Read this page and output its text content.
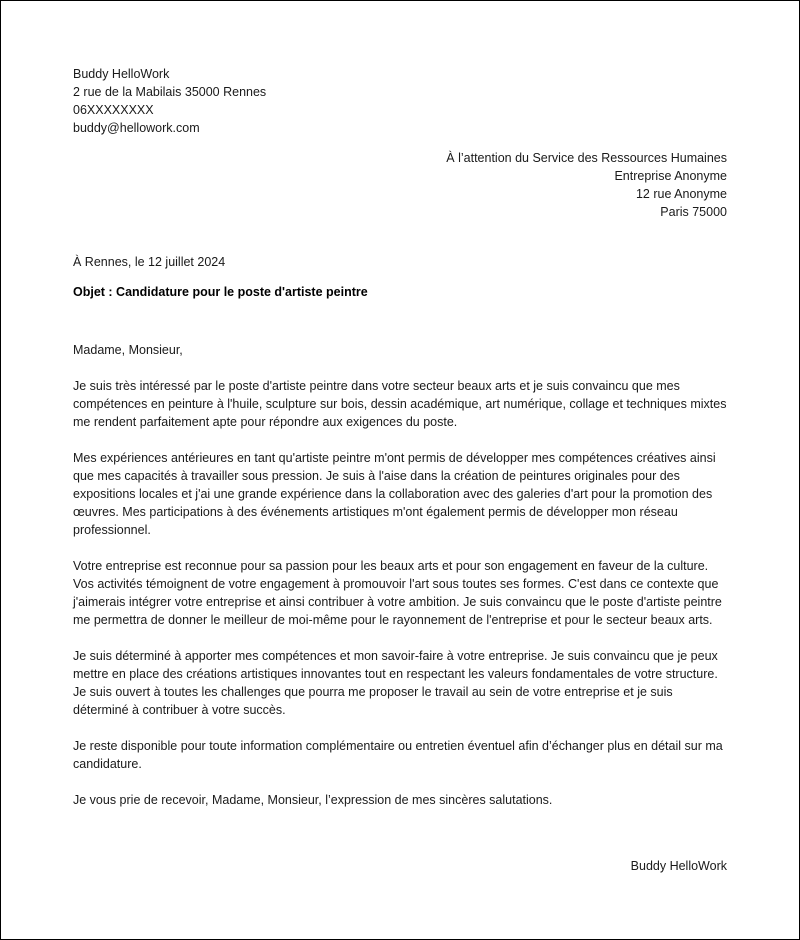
Buddy HelloWork
2 rue de la Mabilais 35000 Rennes
06XXXXXXXX
buddy@hellowork.com
À l’attention du Service des Ressources Humaines
Entreprise Anonyme
12 rue Anonyme
Paris 75000
À Rennes, le 12 juillet 2024
Objet : Candidature pour le poste d'artiste peintre

Madame, Monsieur,

Je suis très intéressé par le poste d'artiste peintre dans votre secteur beaux arts et je suis convaincu que mes compétences en peinture à l'huile, sculpture sur bois, dessin académique, art numérique, collage et techniques mixtes me rendent parfaitement apte pour répondre aux exigences du poste.

Mes expériences antérieures en tant qu'artiste peintre m'ont permis de développer mes compétences créatives ainsi que mes capacités à travailler sous pression. Je suis à l'aise dans la création de peintures originales pour des expositions locales et j'ai une grande expérience dans la collaboration avec des galeries d'art pour la promotion des œuvres. Mes participations à des événements artistiques m'ont également permis de développer mon réseau professionnel.

Votre entreprise est reconnue pour sa passion pour les beaux arts et pour son engagement en faveur de la culture. Vos activités témoignent de votre engagement à promouvoir l'art sous toutes ses formes. C'est dans ce contexte que j'aimerais intégrer votre entreprise et ainsi contribuer à votre ambition. Je suis convaincu que le poste d'artiste peintre me permettra de donner le meilleur de moi-même pour le rayonnement de l'entreprise et pour le secteur beaux arts.

Je suis déterminé à apporter mes compétences et mon savoir-faire à votre entreprise. Je suis convaincu que je peux mettre en place des créations artistiques innovantes tout en respectant les valeurs fondamentales de votre structure. Je suis ouvert à toutes les challenges que pourra me proposer le travail au sein de votre entreprise et je suis déterminé à contribuer à votre succès.

Je reste disponible pour toute information complémentaire ou entretien éventuel afin d’échanger plus en détail sur ma candidature.

Je vous prie de recevoir, Madame, Monsieur, l’expression de mes sincères salutations.

Buddy HelloWork
